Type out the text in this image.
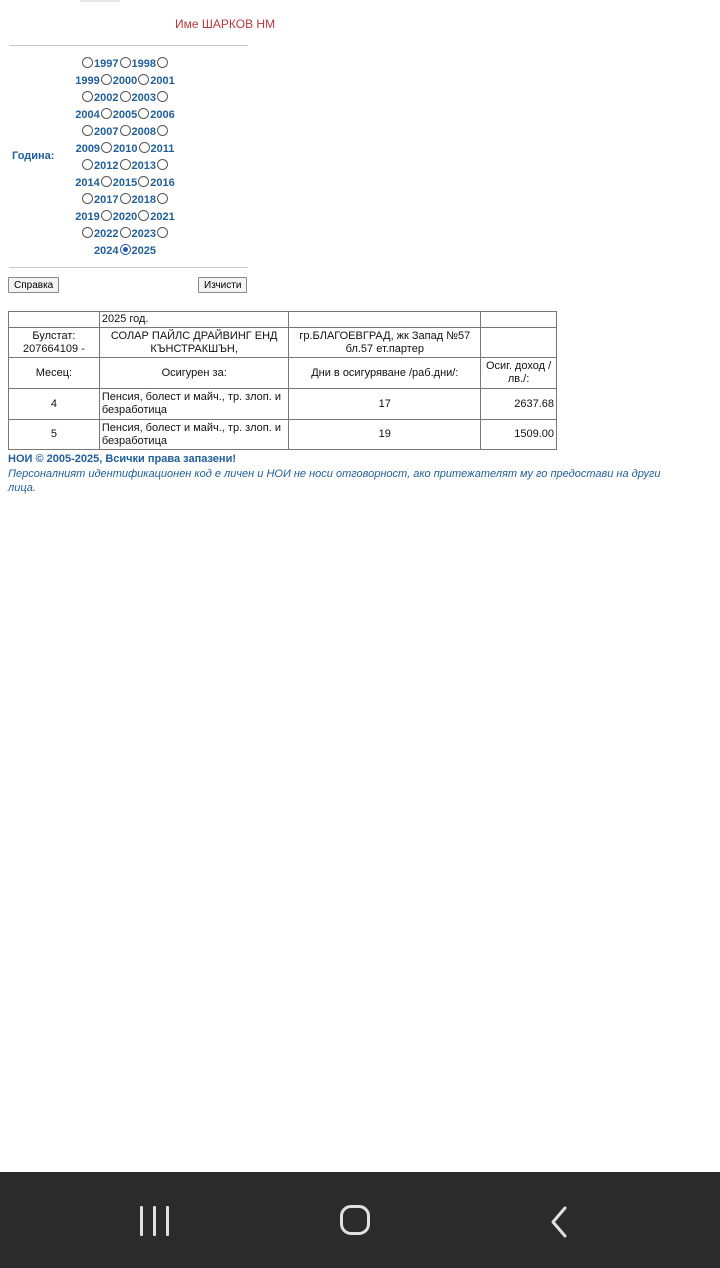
Име ШАРКОВ НМ
Година:
1997 1998
1999 2000 2001
2002 2003
2004 2005 2006
2007 2008
2009 2010 2011
2012 2013
2014 2015 2016
2017 2018
2019 2020 2021
2022 2023
2024 2025
Справка	Изчисти
	2025 год.		

Булстат:
207664109 -	СОЛАР ПАЙЛС ДРАЙВИНГ ЕНД КЪНСТРАКШЪН,	гр.БЛАГОЕВГРАД, жк Запад №57 бл.57 ет.партер	
Месец:	Осигурен за:	Дни в осигуряване /раб.дни/:	Осиг. доход /лв./:
4	Пенсия, болест и майч., тр. злоп. и безработица	17	2637.68
5	Пенсия, болест и майч., тр. злоп. и безработица	19	1509.00
НОИ © 2005-2025, Всички права запазени!
Персоналният идентификационен код е личен и НОИ не носи отговорност, ако притежателят му го предостави на други лица.
